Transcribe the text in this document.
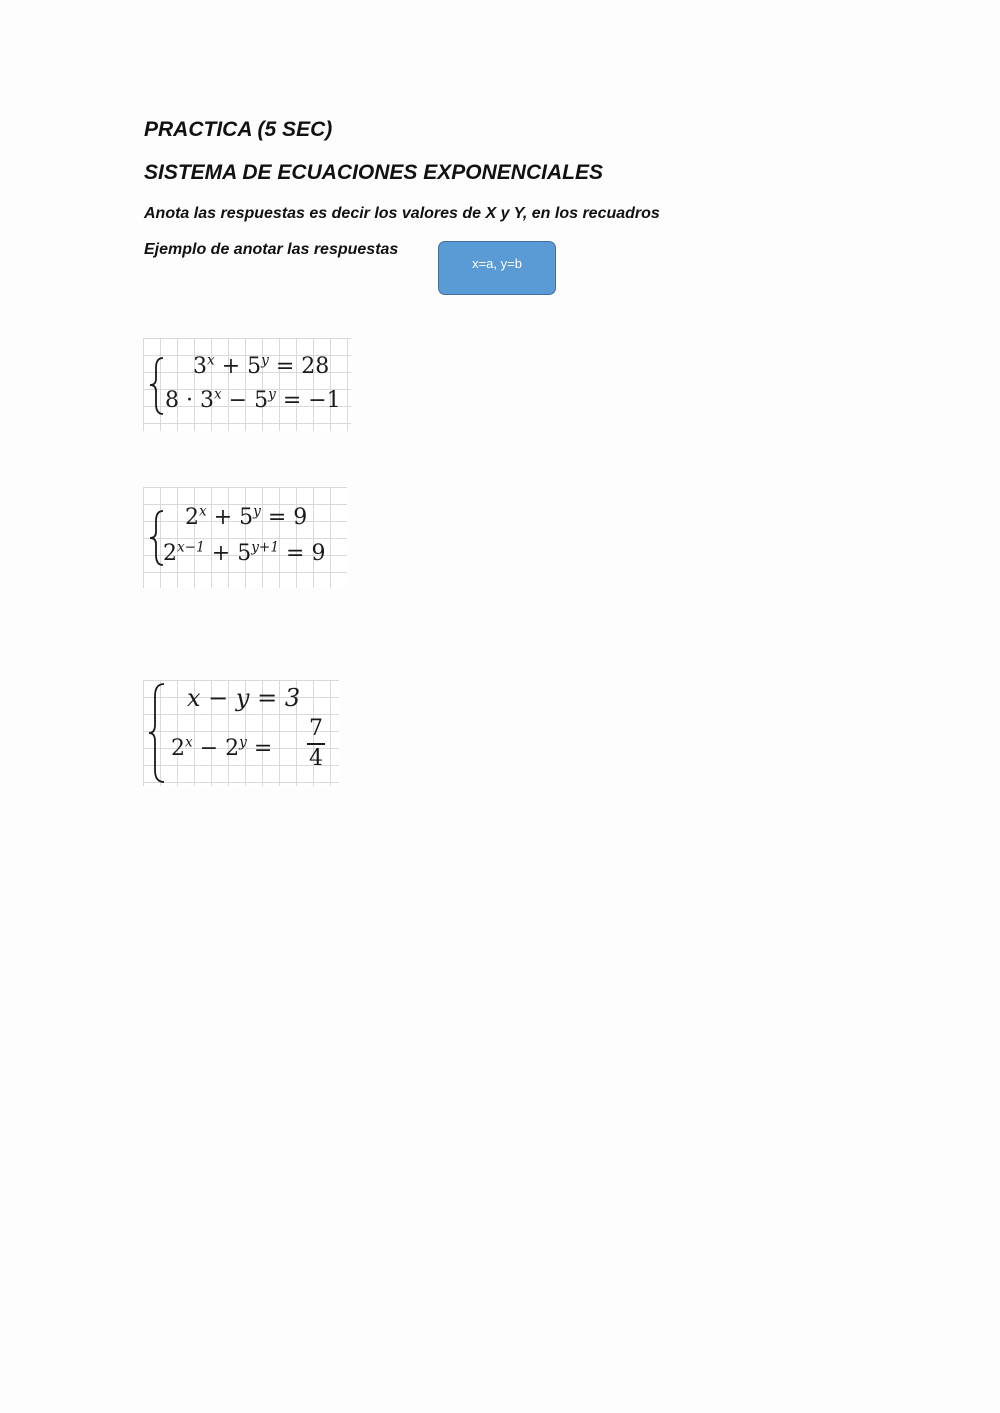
PRACTICA (5 SEC)

SISTEMA DE ECUACIONES EXPONENCIALES

Anota las respuestas es decir los valores de X y Y, en los recuadros

Ejemplo de anotar las respuestas

x=a, y=b
$3^x + 5^y = 28$
$8 \cdot 3^x - 5^y = -1$
$2^x + 5^y = 9$
$2^{x-1} + 5^{y+1} = 9$
x − y = 3
$2^x - 2^y$ =
7
4
